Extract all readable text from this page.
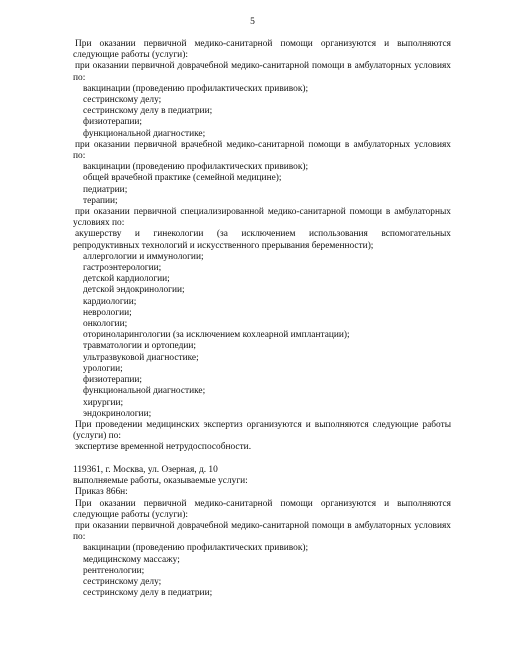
5

При оказании первичной медико-санитарной помощи организуются и выполняются следующие работы (услуги):

при оказании первичной доврачебной медико-санитарной помощи в амбулаторных условиях по:

вакцинации (проведению профилактических прививок);

сестринскому делу;

сестринскому делу в педиатрии;

физиотерапии;

функциональной диагностике;

при оказании первичной врачебной медико-санитарной помощи в амбулаторных условиях по:

вакцинации (проведению профилактических прививок);

общей врачебной практике (семейной медицине);

педиатрии;

терапии;

при оказании первичной специализированной медико-санитарной помощи в амбулаторных условиях по:

акушерству и гинекологии (за исключением использования вспомогательных репродуктивных технологий и искусственного прерывания беременности);

аллергологии и иммунологии;

гастроэнтерологии;

детской кардиологии;

детской эндокринологии;

кардиологии;

неврологии;

онкологии;

оториноларингологии (за исключением кохлеарной имплантации);

травматологии и ортопедии;

ультразвуковой диагностике;

урологии;

физиотерапии;

функциональной диагностике;

хирургии;

эндокринологии;

При проведении медицинских экспертиз организуются и выполняются следующие работы (услуги) по:

экспертизе временной нетрудоспособности.

119361, г. Москва, ул. Озерная, д. 10

выполняемые работы, оказываемые услуги:

Приказ 866н:

При оказании первичной медико-санитарной помощи организуются и выполняются следующие работы (услуги):

при оказании первичной доврачебной медико-санитарной помощи в амбулаторных условиях по:

вакцинации (проведению профилактических прививок);

медицинскому массажу;

рентгенологии;

сестринскому делу;

сестринскому делу в педиатрии;
